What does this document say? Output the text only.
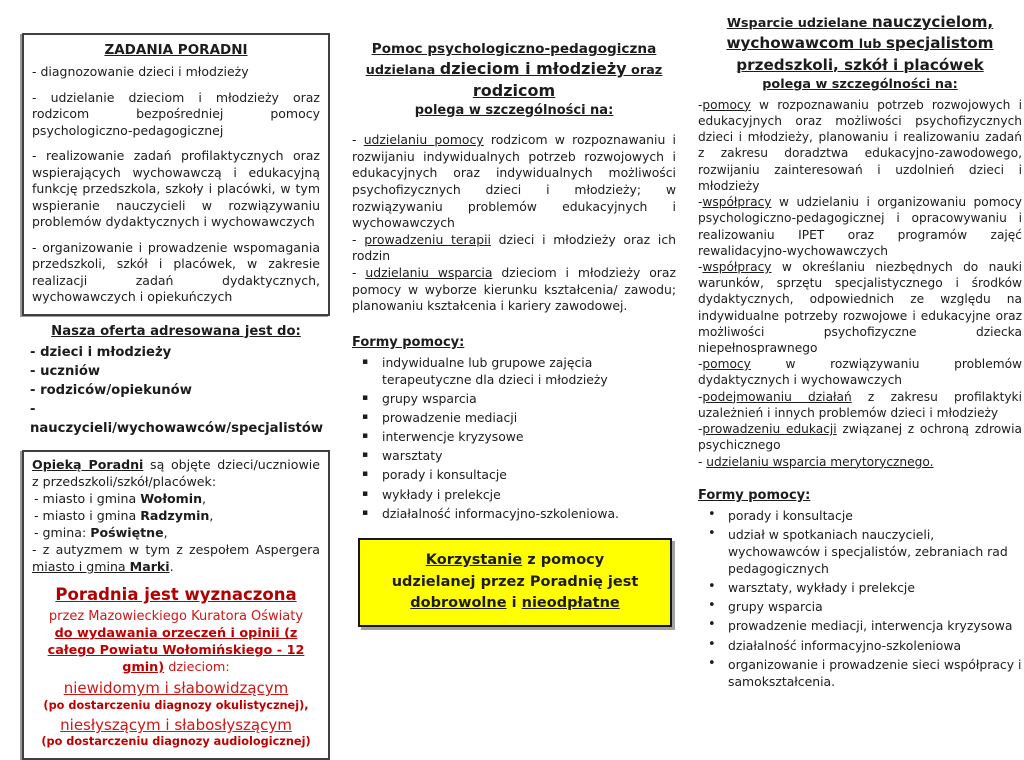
ZADANIA PORADNI

- diagnozowanie dzieci i młodzieży

- udzielanie dzieciom i młodzieży oraz rodzicom bezpośredniej pomocy psychologiczno-pedagogicznej

- realizowanie zadań profilaktycznych oraz wspierających wychowawczą i edukacyjną funkcję przedszkola, szkoły i placówki, w tym wspieranie nauczycieli w rozwiązywaniu problemów dydaktycznych i wychowawczych

- organizowanie i prowadzenie wspomagania przedszkoli, szkół i placówek, w zakresie realizacji zadań dydaktycznych, wychowawczych i opiekuńczych

Nasza oferta adresowana jest do:
- dzieci i młodzieży
- uczniów
- rodziców/opiekunów
- nauczycieli/wychowawców/specjalistów
Opieką Poradni są objęte dzieci/uczniowie z przedszkoli/szkół/placówek:
- miasto i gmina Wołomin,
- miasto i gmina Radzymin,
- gmina: Poświętne,
- z autyzmem w tym z zespołem Aspergera miasto i gmina Marki.
Poradnia jest wyznaczona
przez Mazowieckiego Kuratora Oświaty
do wydawania orzeczeń i opinii (z całego Powiatu Wołomińskiego - 12 gmin) dzieciom:
niewidomym i słabowidzącym
(po dostarczeniu diagnozy okulistycznej),
niesłyszącym i słabosłyszącym
(po dostarczeniu diagnozy audiologicznej)
Pomoc psychologiczno-pedagogiczna
udzielana dzieciom i młodzieży oraz rodzicom
polega w szczególności na:

- udzielaniu pomocy rodzicom w rozpoznawaniu i rozwijaniu indywidualnych potrzeb rozwojowych i edukacyjnych oraz indywidualnych możliwości psychofizycznych dzieci i młodzieży; w rozwiązywaniu problemów edukacyjnych i wychowawczych

- prowadzeniu terapii dzieci i młodzieży oraz ich rodzin

- udzielaniu wsparcia dzieciom i młodzieży oraz pomocy w wyborze kierunku kształcenia/ zawodu; planowaniu kształcenia i kariery zawodowej.

Formy pomocy:
▪ indywidualne lub grupowe zajęcia terapeutyczne dla dzieci i młodzieży
▪ grupy wsparcia
▪ prowadzenie mediacji
▪ interwencje kryzysowe
▪ warsztaty
▪ porady i konsultacje
▪ wykłady i prelekcje
▪ działalność informacyjno-szkoleniowa.
Korzystanie z pomocy
udzielanej przez Poradnię jest
dobrowolne i nieodpłatne
Wsparcie udzielane nauczycielom,
wychowawcom lub specjalistom
przedszkoli, szkół i placówek
polega w szczególności na:

-pomocy w rozpoznawaniu potrzeb rozwojowych i edukacyjnych oraz możliwości psychofizycznych dzieci i młodzieży, planowaniu i realizowaniu zadań z zakresu doradztwa edukacyjno-zawodowego, rozwijaniu zainteresowań i uzdolnień dzieci i młodzieży

-współpracy w udzielaniu i organizowaniu pomocy psychologiczno-pedagogicznej i opracowywaniu i realizowaniu IPET oraz programów zajęć rewalidacyjno-wychowawczych

-współpracy w określaniu niezbędnych do nauki warunków, sprzętu specjalistycznego i środków dydaktycznych, odpowiednich ze względu na indywidualne potrzeby rozwojowe i edukacyjne oraz możliwości psychofizyczne dziecka niepełnosprawnego

-pomocy w rozwiązywaniu problemów dydaktycznych i wychowawczych

-podejmowaniu działań z zakresu profilaktyki uzależnień i innych problemów dzieci i młodzieży

-prowadzeniu edukacji związanej z ochroną zdrowia psychicznego

- udzielaniu wsparcia merytorycznego.

Formy pomocy:
• porady i konsultacje
• udział w spotkaniach nauczycieli, wychowawców i specjalistów, zebraniach rad pedagogicznych
• warsztaty, wykłady i prelekcje
• grupy wsparcia
• prowadzenie mediacji, interwencja kryzysowa
• działalność informacyjno-szkoleniowa
• organizowanie i prowadzenie sieci współpracy i samokształcenia.
